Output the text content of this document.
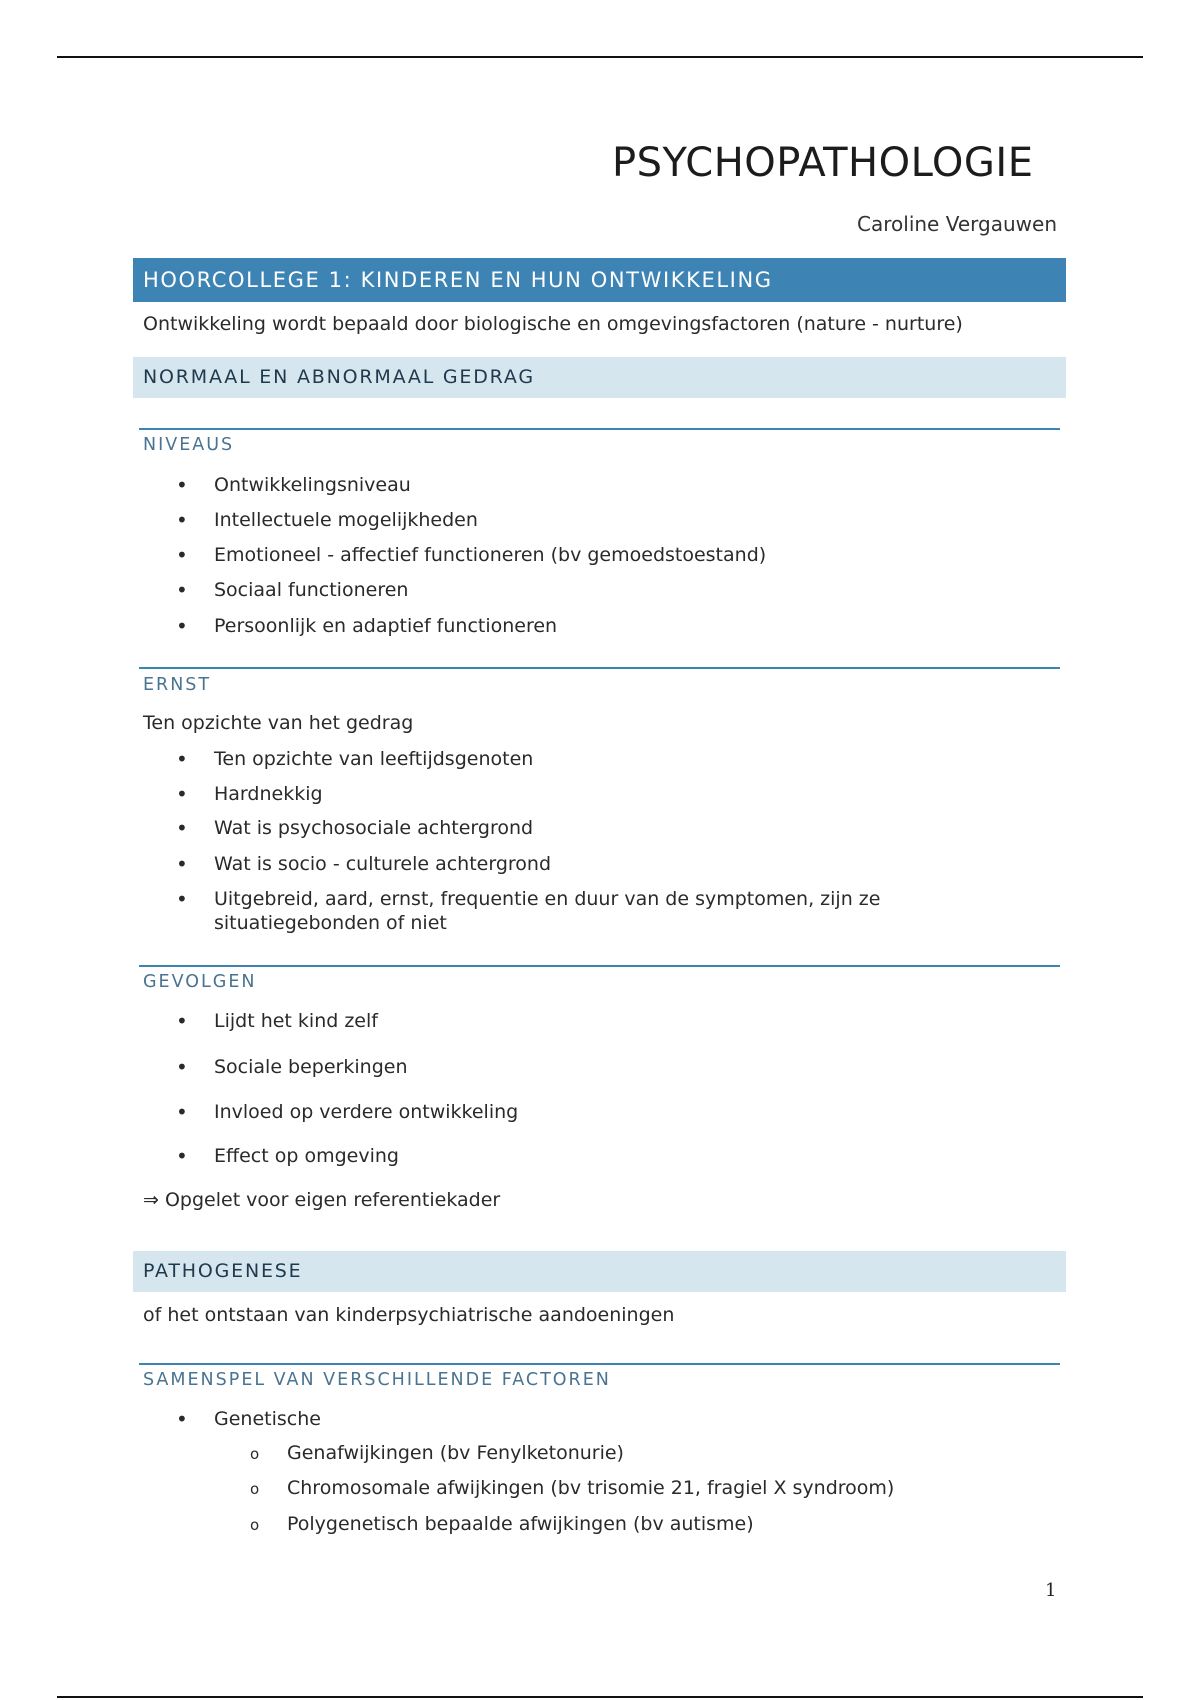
PSYCHOPATHOLOGIE
Caroline Vergauwen
HOORCOLLEGE 1: KINDEREN EN HUN ONTWIKKELING
Ontwikkeling wordt bepaald door biologische en omgevingsfactoren (nature - nurture)
NORMAAL EN ABNORMAAL GEDRAG
NIVEAUS
• Ontwikkelingsniveau
• Intellectuele mogelijkheden
• Emotioneel - affectief functioneren (bv gemoedstoestand)
• Sociaal functioneren
• Persoonlijk en adaptief functioneren
ERNST
Ten opzichte van het gedrag
• Ten opzichte van leeftijdsgenoten
• Hardnekkig
• Wat is psychosociale achtergrond
• Wat is socio - culturele achtergrond
• Uitgebreid, aard, ernst, frequentie en duur van de symptomen, zijn ze situatiegebonden of niet
GEVOLGEN
• Lijdt het kind zelf
• Sociale beperkingen
• Invloed op verdere ontwikkeling
• Effect op omgeving
⇒ Opgelet voor eigen referentiekader
PATHOGENESE
of het ontstaan van kinderpsychiatrische aandoeningen
SAMENSPEL VAN VERSCHILLENDE FACTOREN
• Genetische
o Genafwijkingen (bv Fenylketonurie)
o Chromosomale afwijkingen (bv trisomie 21, fragiel X syndroom)
o Polygenetisch bepaalde afwijkingen (bv autisme)
1
